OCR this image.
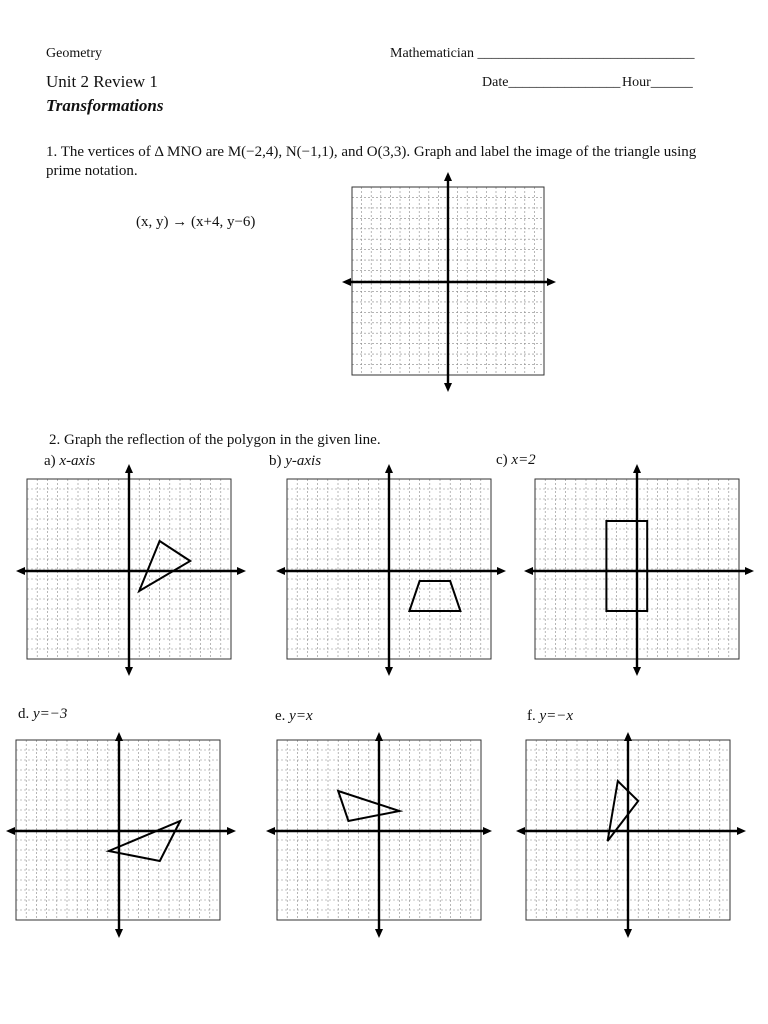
Geometry
Unit 2 Review 1
Transformations
Mathematician _______________________________
Date________________ Hour______
1. The vertices of Δ MNO are M(−2,4), N(−1,1), and O(3,3). Graph and label the image of the triangle using prime notation.
(x, y) → (x+4, y−6)
2. Graph the reflection of the polygon in the given line.
a) x-axis	b) y-axis	c) x=2
d. y=−3	e. y=x	f. y=−x
